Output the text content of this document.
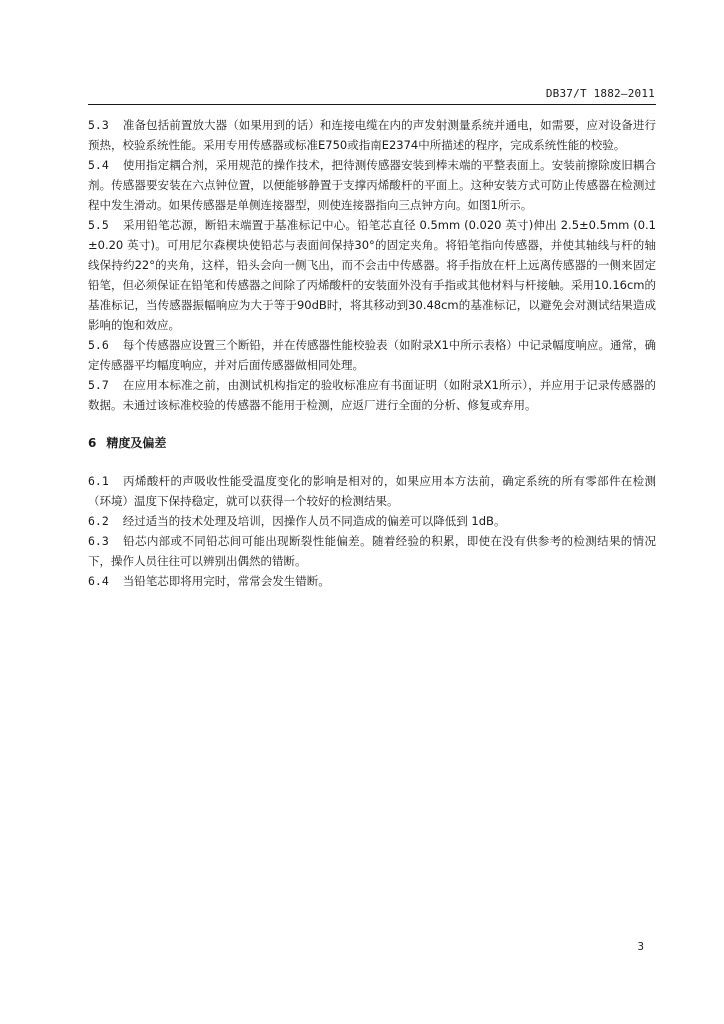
DB37/T 1882—2011
5.3 准备包括前置放大器（如果用到的话）和连接电缆在内的声发射测量系统并通电，如需要，应对设备进行预热，校验系统性能。采用专用传感器或标准E750或指南E2374中所描述的程序，完成系统性能的校验。
5.4 使用指定耦合剂，采用规范的操作技术，把待测传感器安装到棒末端的平整表面上。安装前擦除废旧耦合剂。传感器要安装在六点钟位置，以便能够静置于支撑丙烯酸杆的平面上。这种安装方式可防止传感器在检测过程中发生滑动。如果传感器是单侧连接器型，则使连接器指向三点钟方向。如图1所示。
5.5 采用铅笔芯源，断铅末端置于基准标记中心。铅笔芯直径 0.5mm (0.020 英寸)伸出 2.5±0.5mm (0.1 ±0.20 英寸)。可用尼尔森楔块使铅芯与表面间保持30°的固定夹角。将铅笔指向传感器，并使其轴线与杆的轴线保持约22°的夹角，这样，铅头会向一侧飞出，而不会击中传感器。将手指放在杆上远离传感器的一侧来固定铅笔，但必须保证在铅笔和传感器之间除了丙烯酸杆的安装面外没有手指或其他材料与杆接触。采用10.16cm的基准标记，当传感器振幅响应为大于等于90dB时，将其移动到30.48cm的基准标记，以避免会对测试结果造成影响的饱和效应。
5.6 每个传感器应设置三个断铅，并在传感器性能校验表（如附录X1中所示表格）中记录幅度响应。通常，确定传感器平均幅度响应，并对后面传感器做相同处理。
5.7 在应用本标准之前，由测试机构指定的验收标准应有书面证明（如附录X1所示），并应用于记录传感器的数据。未通过该标准校验的传感器不能用于检测，应返厂进行全面的分析、修复或弃用。
6 精度及偏差
6.1 丙烯酸杆的声吸收性能受温度变化的影响是相对的，如果应用本方法前，确定系统的所有零部件在检测（环境）温度下保持稳定，就可以获得一个较好的检测结果。
6.2 经过适当的技术处理及培训，因操作人员不同造成的偏差可以降低到 1dB。
6.3 铅芯内部或不同铅芯间可能出现断裂性能偏差。随着经验的积累，即使在没有供参考的检测结果的情况下，操作人员往往可以辨别出偶然的错断。
6.4 当铅笔芯即将用完时，常常会发生错断。
3
